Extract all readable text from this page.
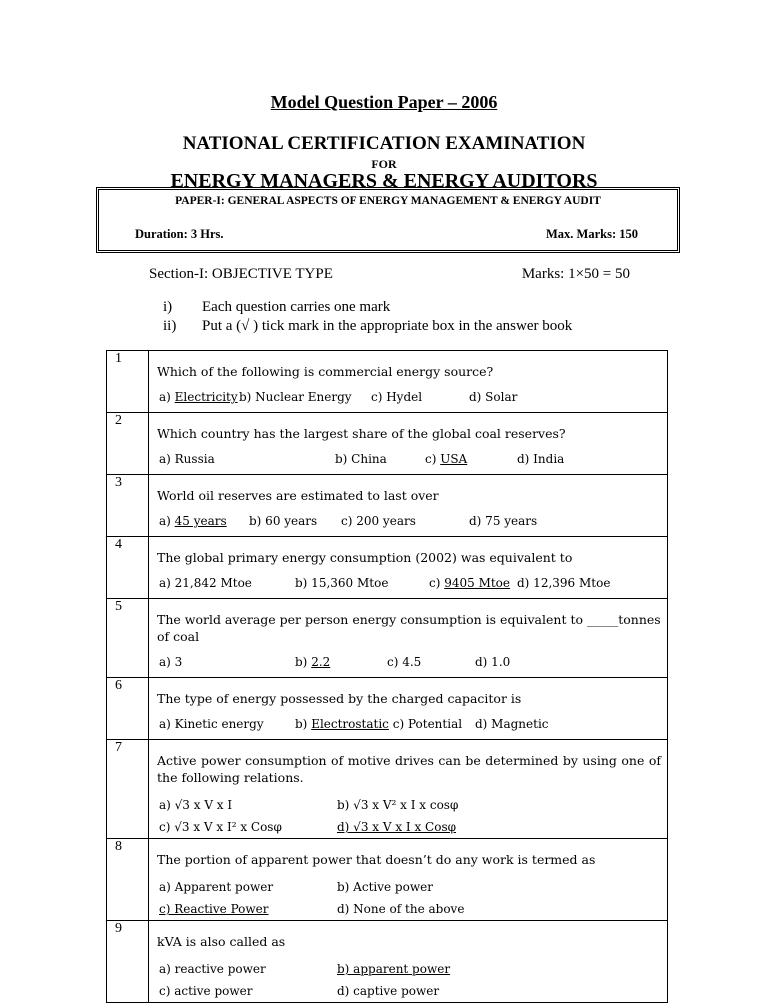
Model Question Paper – 2006
NATIONAL CERTIFICATION EXAMINATION
FOR
ENERGY MANAGERS & ENERGY AUDITORS
PAPER-I: GENERAL ASPECTS OF ENERGY MANAGEMENT & ENERGY AUDIT
Duration: 3 Hrs.	Max. Marks: 150
Section-I: OBJECTIVE TYPE	Marks: 1×50 = 50
i) Each question carries one mark
ii) Put a (√ ) tick mark in the appropriate box in the answer book
1	Which of the following is commercial energy source?
a) Electricity b) Nuclear Energy c) Hydel d) Solar

2	Which country has the largest share of the global coal reserves?
a) Russia b) China c) USA d) India

3	World oil reserves are estimated to last over
a) 45 years b) 60 years c) 200 years d) 75 years

4	The global primary energy consumption (2002) was equivalent to
a) 21,842 Mtoe b) 15,360 Mtoe c) 9405 Mtoe d) 12,396 Mtoe

5	The world average per person energy consumption is equivalent to _____tonnes of coal
a) 3 b) 2.2 c) 4.5 d) 1.0

6	The type of energy possessed by the charged capacitor is
a) Kinetic energy b) Electrostatic c) Potential d) Magnetic

7	Active power consumption of motive drives can be determined by using one of the following relations.
a) √3 x V x I b) √3 x V² x I x cosφ
c) √3 x V x I² x Cosφ d) √3 x V x I x Cosφ

8	The portion of apparent power that doesn’t do any work is termed as
a) Apparent power b) Active power
c) Reactive Power d) None of the above

9	kVA is also called as
a) reactive power b) apparent power
c) active power d) captive power
